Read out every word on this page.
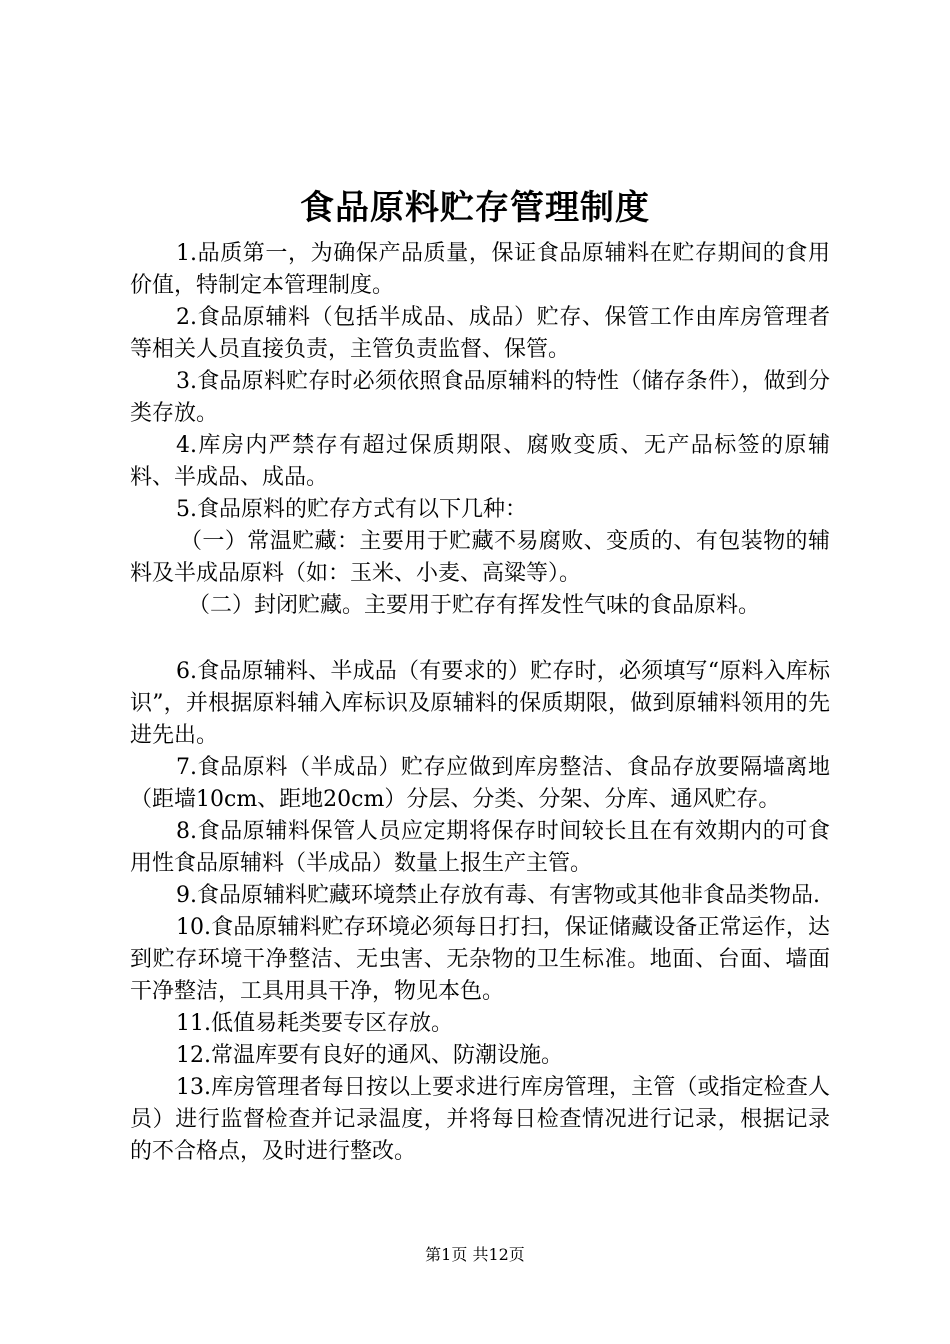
食品原料贮存管理制度

1.品质第一，为确保产品质量，保证食品原辅料在贮存期间的食用价值，特制定本管理制度。

2.食品原辅料（包括半成品、成品）贮存、保管工作由库房管理者等相关人员直接负责，主管负责监督、保管。

3.食品原料贮存时必须依照食品原辅料的特性（储存条件），做到分类存放。

4.库房内严禁存有超过保质期限、腐败变质、无产品标签的原辅料、半成品、成品。

5.食品原料的贮存方式有以下几种：

（一）常温贮藏：主要用于贮藏不易腐败、变质的、有包装物的辅料及半成品原料（如：玉米、小麦、高粱等）。

（二）封闭贮藏。主要用于贮存有挥发性气味的食品原料。

6.食品原辅料、半成品（有要求的）贮存时，必须填写“原料入库标识”，并根据原料辅入库标识及原辅料的保质期限，做到原辅料领用的先进先出。

7.食品原料（半成品）贮存应做到库房整洁、食品存放要隔墙离地（距墙10cm、距地20cm）分层、分类、分架、分库、通风贮存。

8.食品原辅料保管人员应定期将保存时间较长且在有效期内的可食用性食品原辅料（半成品）数量上报生产主管。

9.食品原辅料贮藏环境禁止存放有毒、有害物或其他非食品类物品.

10.食品原辅料贮存环境必须每日打扫，保证储藏设备正常运作，达到贮存环境干净整洁、无虫害、无杂物的卫生标准。地面、台面、墙面干净整洁，工具用具干净，物见本色。

11.低值易耗类要专区存放。

12.常温库要有良好的通风、防潮设施。

13.库房管理者每日按以上要求进行库房管理，主管（或指定检查人员）进行监督检查并记录温度，并将每日检查情况进行记录，根据记录的不合格点，及时进行整改。

第1页 共12页
